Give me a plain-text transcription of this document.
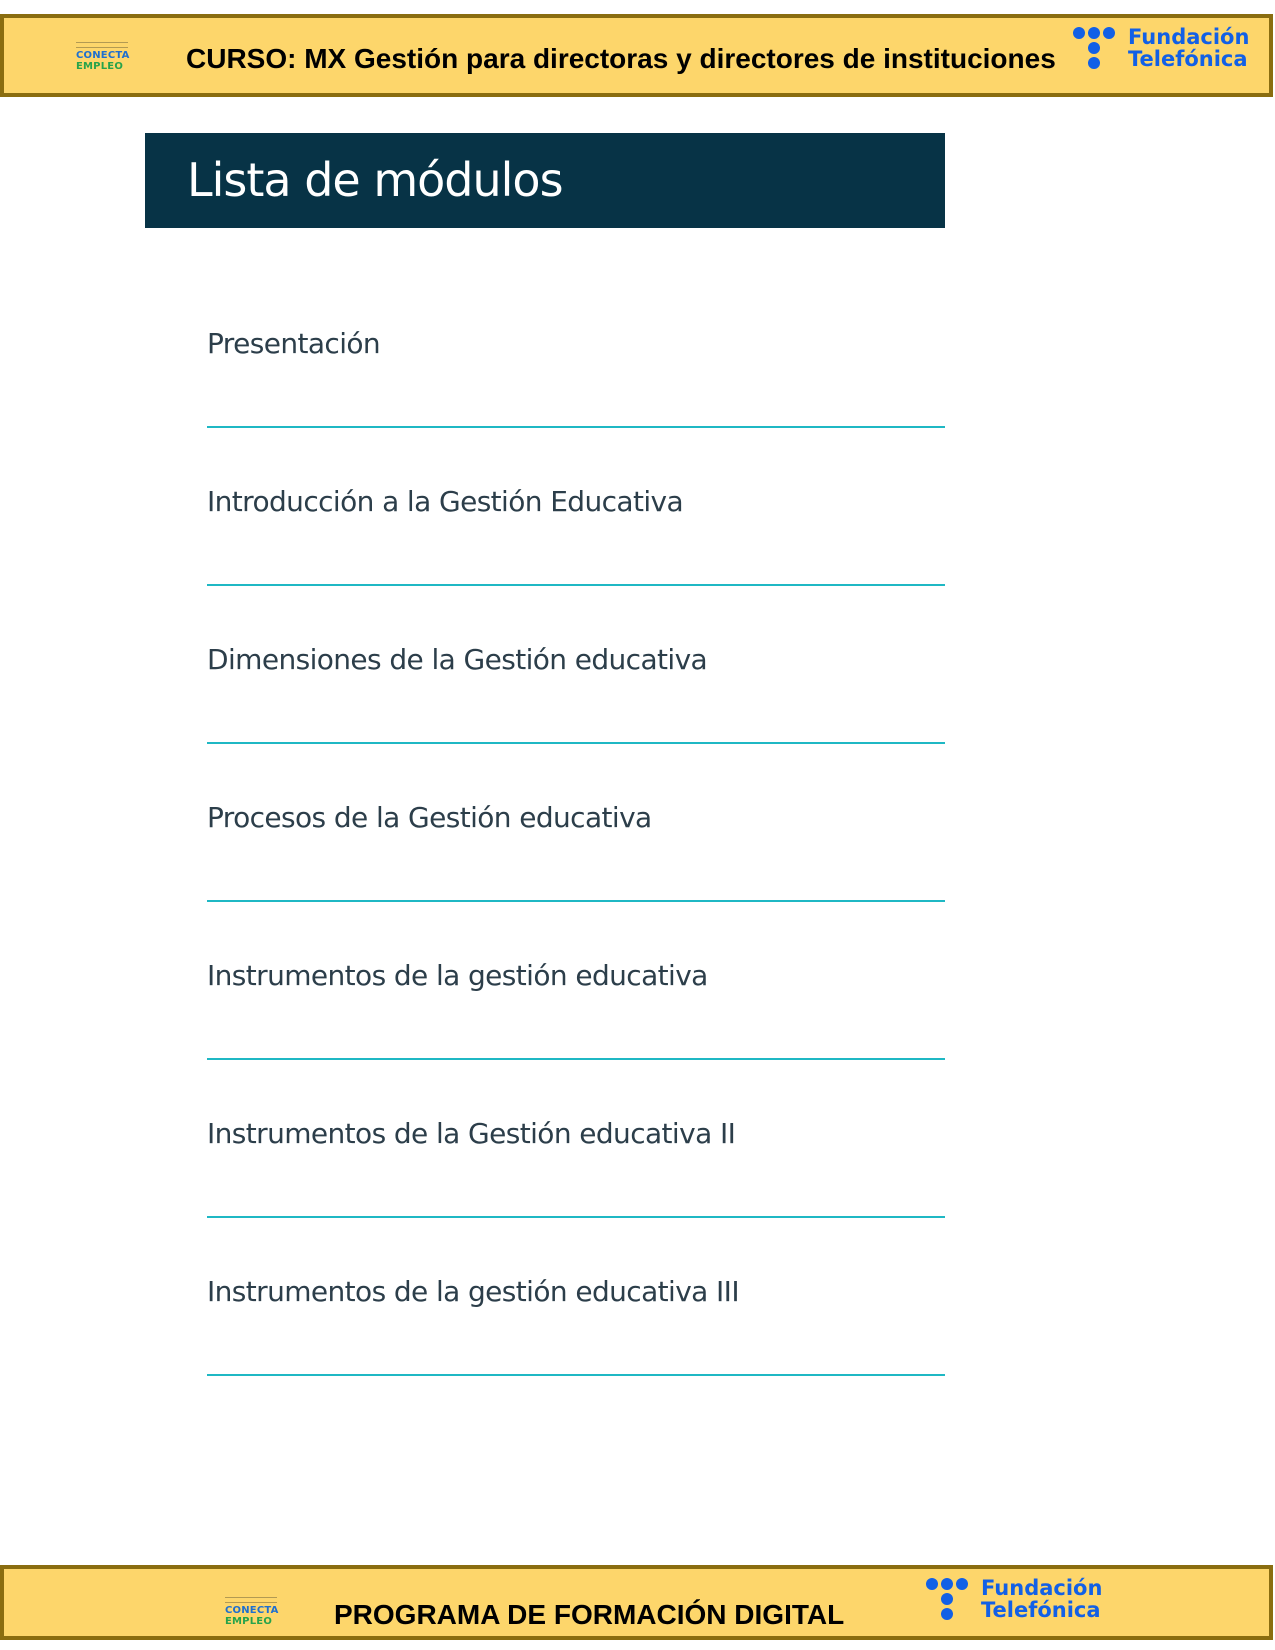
CONECTA
EMPLEO CURSO: MX Gestión para directoras y directores de instituciones
Fundación
Telefónica
Lista de módulos
Presentación
Introducción a la Gestión Educativa
Dimensiones de la Gestión educativa
Procesos de la Gestión educativa
Instrumentos de la gestión educativa
Instrumentos de la Gestión educativa II
Instrumentos de la gestión educativa III
CONECTA
EMPLEO PROGRAMA DE FORMACIÓN DIGITAL
Fundación
Telefónica
